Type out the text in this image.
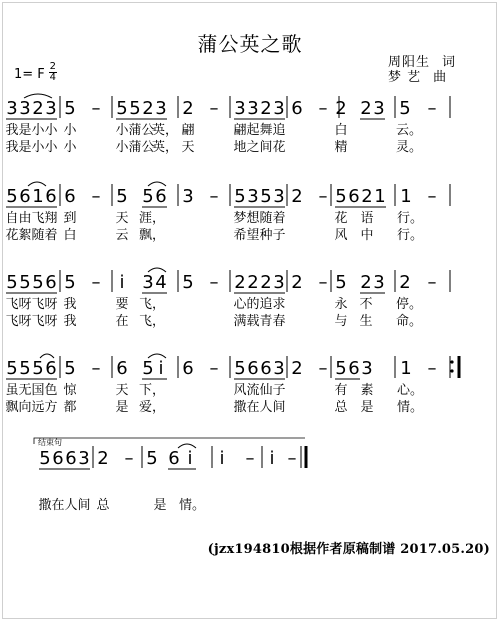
蒲公英之歌
周阳生 词
梦 艺 曲
1= F
2
4
3 3 2 3 5 – 5 5 2 3 2 – 3 3 2 3 6 – 2 2 3 5 –
我 是 小 小 小	小 蒲 公
英， 翩	翩 起 舞 追	白	云。
我 是 小 小 小	小 蒲 公
英， 天	地 之 间 花	精	灵。
5 6 1 6 6 – 5 5 6 3 – 5 3 5 3 2 – 5 6 2 1 1 –
自 由 飞 翔 到	天 涯，	梦 想 随 着	花 语 行。
花 絮 随 着 白	云 飘，	希 望 种 子	风 中 行。
5 5 5 6 5 – i 3 4 5 – 2 2 2 3 2 – 5 2 3 2 –
飞 呀 飞 呀 我	要 飞，	心 的 追 求	永 不 停。
飞 呀 飞 呀 我	在 飞，	满 载 青 春	与 生 命。
5 5 5 6 5 – 6 5 i 6 – 5 6 6 3 2 – 5 6 3 1 –
虽 无 国 色 惊	天 下，	风 流 仙 子	有 素 心。
飘 向 远 方 都	是 爱，	撒 在 人 间	总 是 情。
5 6 6 3 2 – 5 6 i i – i –
结束句
撒 在 人 间 总	是 情。
(jzx194810根据作者原稿制谱 2017.05.20)
